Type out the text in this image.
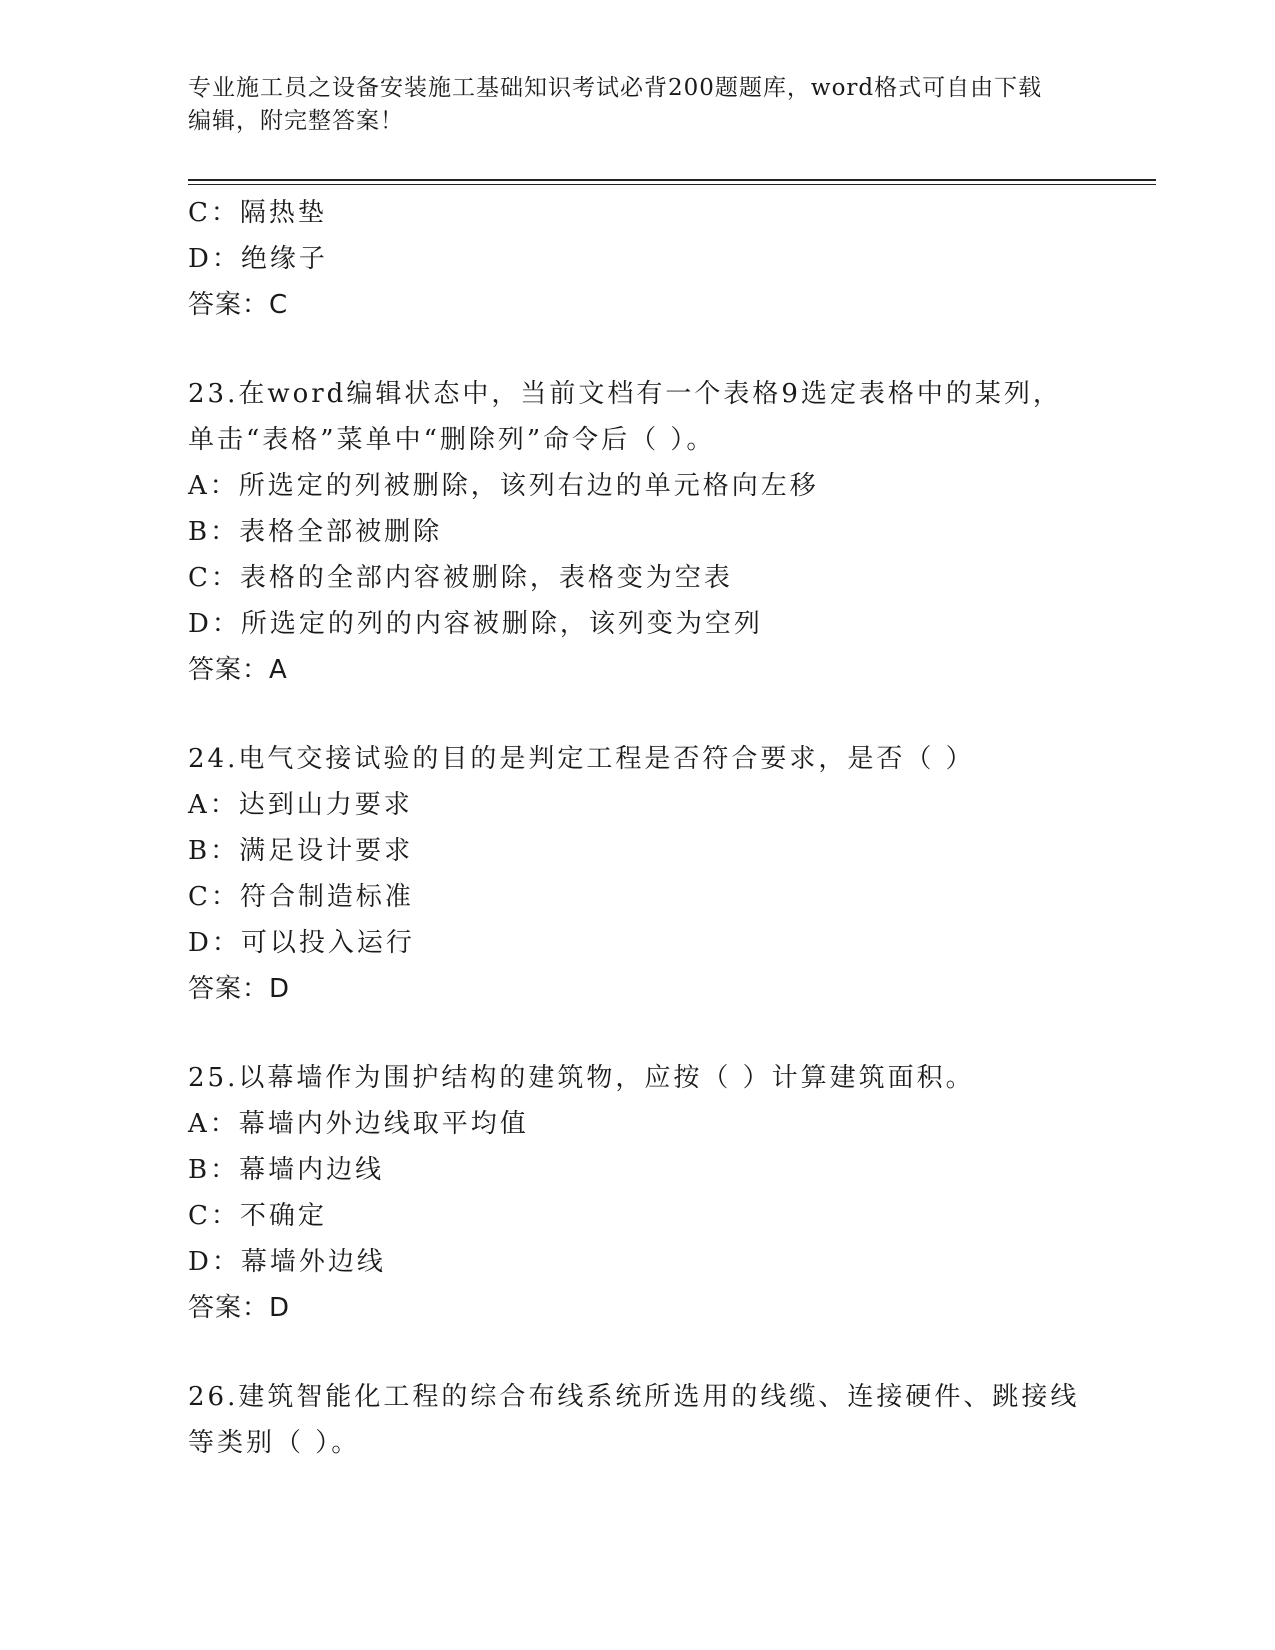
专业施工员之设备安装施工基础知识考试必背200题题库，word格式可自由下载
编辑，附完整答案！
C：隔热垫
D：绝缘子
答案：C
23.在word编辑状态中，当前文档有一个表格9选定表格中的某列，
单击“表格”菜单中“删除列”命令后（ ）。
A：所选定的列被删除，该列右边的单元格向左移
B：表格全部被删除
C：表格的全部内容被删除，表格变为空表
D：所选定的列的内容被删除，该列变为空列
答案：A
24.电气交接试验的目的是判定工程是否符合要求，是否（ ）
A：达到山力要求
B：满足设计要求
C：符合制造标准
D：可以投入运行
答案：D
25.以幕墙作为围护结构的建筑物，应按（ ）计算建筑面积。
A：幕墙内外边线取平均值
B：幕墙内边线
C：不确定
D：幕墙外边线
答案：D
26.建筑智能化工程的综合布线系统所选用的线缆、连接硬件、跳接线
等类别（ ）。
